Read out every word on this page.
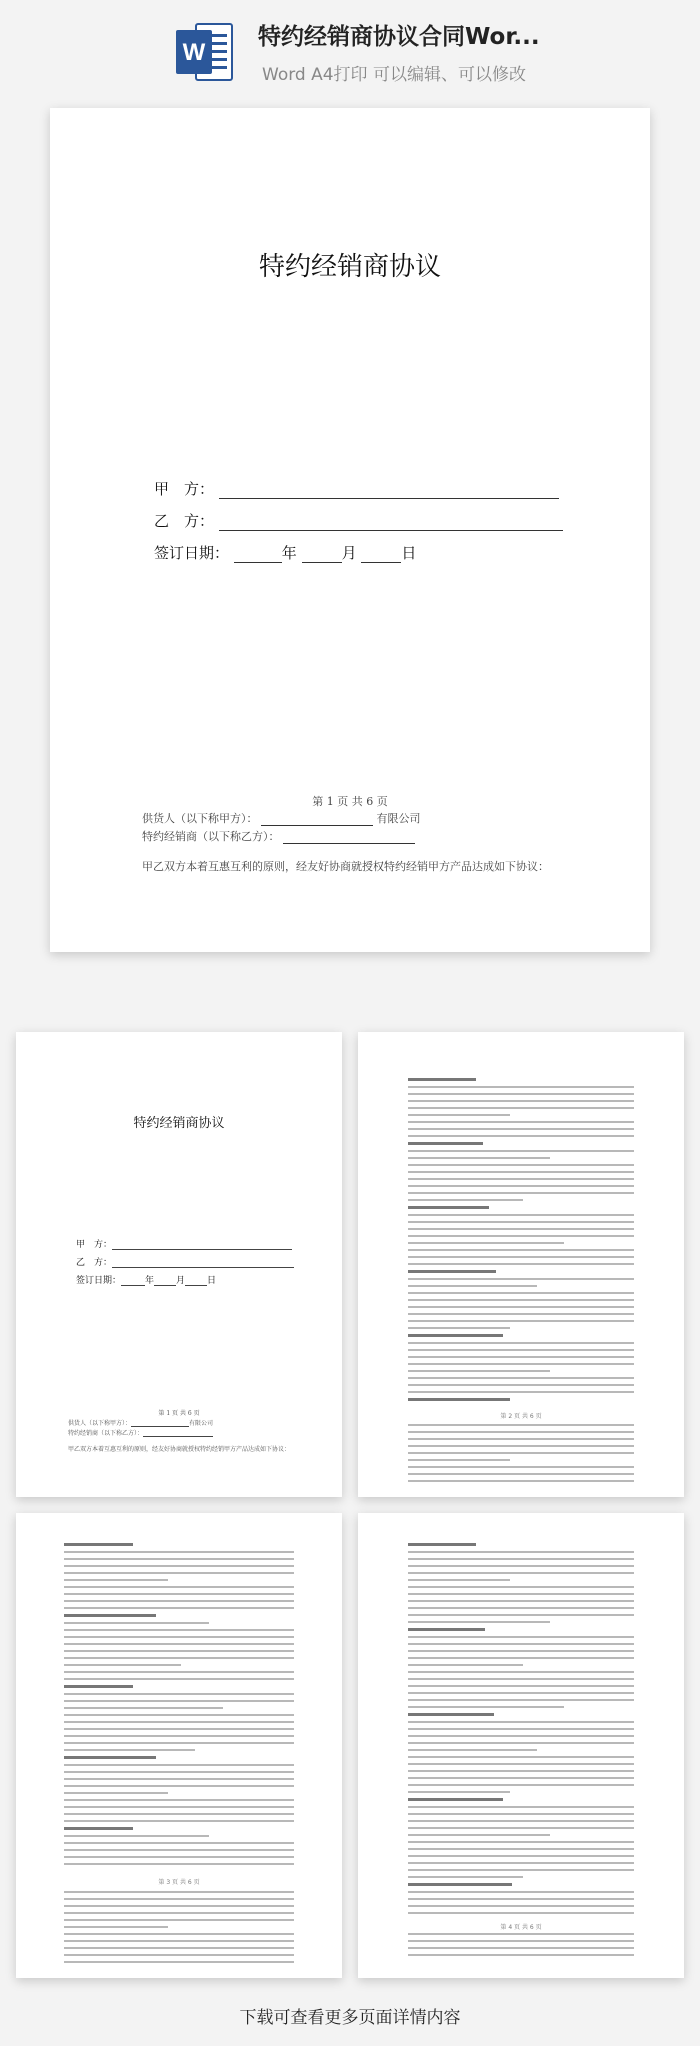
W
特约经销商协议合同Wor...
Word A4打印 可以编辑、可以修改
特约经销商协议
甲　方：
乙　方：
签订日期：	年	月	日
第 1 页 共 6 页
供货人（以下称甲方）：	有限公司
特约经销商（以下称乙方）：
甲乙双方本着互惠互利的原则，经友好协商就授权特约经销甲方产品达成如下协议：
特约经销商协议
甲　方：
乙　方：
签订日期：	年 月 日
第 1 页 共 6 页
供货人（以下称甲方）：	有限公司
特约经销商（以下称乙方）：
甲乙双方本着互惠互利的原则，经友好协商就授权特约经销甲方产品达成如下协议：
第 2 页 共 6 页
第 3 页 共 6 页
第 4 页 共 6 页
下载可查看更多页面详情内容
